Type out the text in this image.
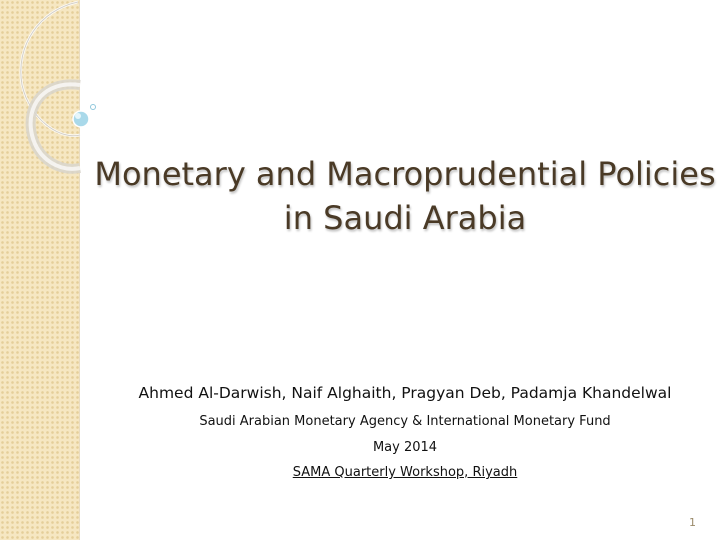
Monetary and Macroprudential Policies in Saudi Arabia
Ahmed Al-Darwish, Naif Alghaith, Pragyan Deb, Padamja Khandelwal
Saudi Arabian Monetary Agency & International Monetary Fund
May 2014
SAMA Quarterly Workshop, Riyadh
1
